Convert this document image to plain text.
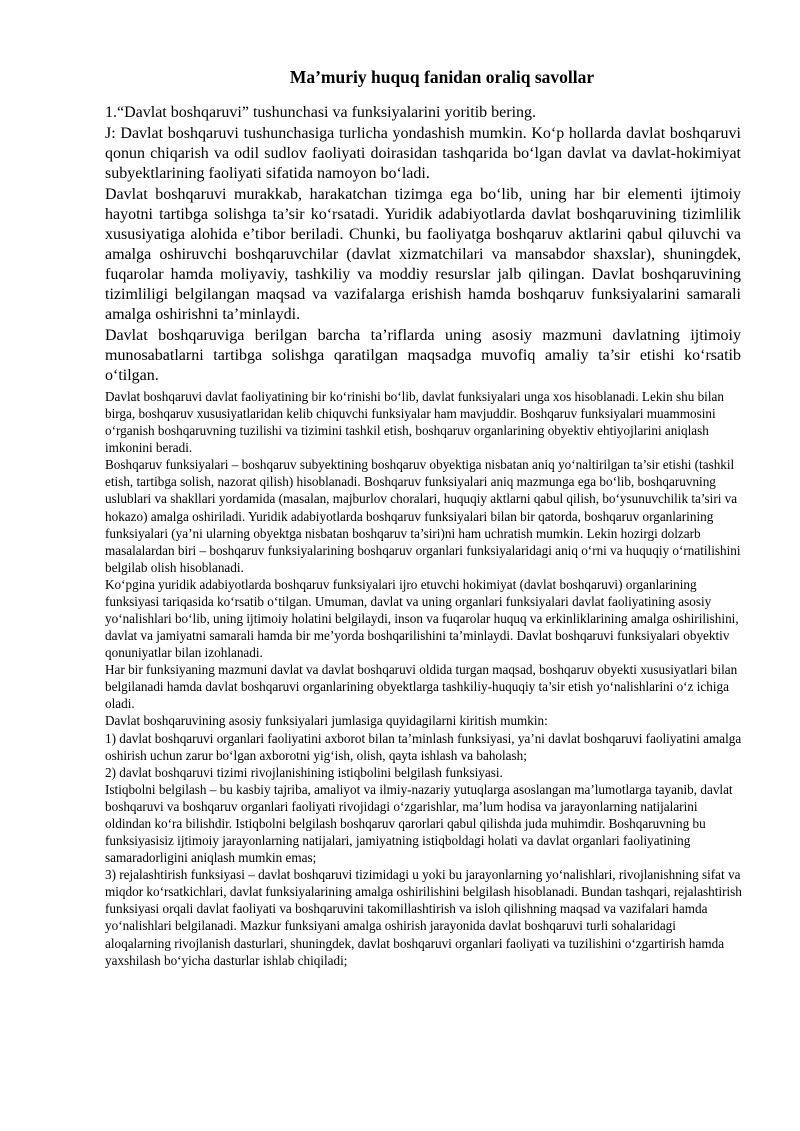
Ma’muriy huquq fanidan oraliq savollar

1.“Davlat boshqaruvi” tushunchasi va funksiyalarini yoritib bering.

J: Davlat boshqaruvi tushunchasiga turlicha yondashish mumkin. Ko‘p hollarda davlat boshqaruvi qonun chiqarish va odil sudlov faoliyati doirasidan tashqarida bo‘lgan davlat va davlat-hokimiyat subyektlarining faoliyati sifatida namoyon bo‘ladi.

Davlat boshqaruvi murakkab, harakatchan tizimga ega bo‘lib, uning har bir elementi ijtimoiy hayotni tartibga solishga ta’sir ko‘rsatadi. Yuridik adabiyotlarda davlat boshqaruvining tizimlilik xususiyatiga alohida e’tibor beriladi. Chunki, bu faoliyatga boshqaruv aktlarini qabul qiluvchi va amalga oshiruvchi boshqaruvchilar (davlat xizmatchilari va mansabdor shaxslar), shuningdek, fuqarolar hamda moliyaviy, tashkiliy va moddiy resurslar jalb qilingan. Davlat boshqaruvining tizimliligi belgilangan maqsad va vazifalarga erishish hamda boshqaruv funksiyalarini samarali amalga oshirishni ta’minlaydi.

Davlat boshqaruviga berilgan barcha ta’riflarda uning asosiy mazmuni davlatning ijtimoiy munosabatlarni tartibga solishga qaratilgan maqsadga muvofiq amaliy ta’sir etishi ko‘rsatib o‘tilgan.

Davlat boshqaruvi davlat faoliyatining bir ko‘rinishi bo‘lib, davlat funksiyalari unga xos hisoblanadi. Lekin shu bilan birga, boshqaruv xususiyatlaridan kelib chiquvchi funksiyalar ham mavjuddir. Boshqaruv funksiyalari muammosini o‘rganish boshqaruvning tuzilishi va tizimini tashkil etish, boshqaruv organlarining obyektiv ehtiyojlarini aniqlash imkonini beradi.

Boshqaruv funksiyalari – boshqaruv subyektining boshqaruv obyektiga nisbatan aniq yo‘naltirilgan ta’sir etishi (tashkil etish, tartibga solish, nazorat qilish) hisoblanadi. Boshqaruv funksiyalari aniq mazmunga ega bo‘lib, boshqaruvning uslublari va shakllari yordamida (masalan, majburlov choralari, huquqiy aktlarni qabul qilish, bo‘ysunuvchilik ta’siri va hokazo) amalga oshiriladi. Yuridik adabiyotlarda boshqaruv funksiyalari bilan bir qatorda, boshqaruv organlarining funksiyalari (ya’ni ularning obyektga nisbatan boshqaruv ta’siri)ni ham uchratish mumkin. Lekin hozirgi dolzarb masalalardan biri – boshqaruv funksiyalarining boshqaruv organlari funksiyalaridagi aniq o‘rni va huquqiy o‘rnatilishini belgilab olish hisoblanadi.

Ko‘pgina yuridik adabiyotlarda boshqaruv funksiyalari ijro etuvchi hokimiyat (davlat boshqaruvi) organlarining funksiyasi tariqasida ko‘rsatib o‘tilgan. Umuman, davlat va uning organlari funksiyalari davlat faoliyatining asosiy yo‘nalishlari bo‘lib, uning ijtimoiy holatini belgilaydi, inson va fuqarolar huquq va erkinliklarining amalga oshirilishini, davlat va jamiyatni samarali hamda bir me’yorda boshqarilishini ta’minlaydi. Davlat boshqaruvi funksiyalari obyektiv qonuniyatlar bilan izohlanadi.

Har bir funksiyaning mazmuni davlat va davlat boshqaruvi oldida turgan maqsad, boshqaruv obyekti xususiyatlari bilan belgilanadi hamda davlat boshqaruvi organlarining obyektlarga tashkiliy-huquqiy ta’sir etish yo‘nalishlarini o‘z ichiga oladi.

Davlat boshqaruvining asosiy funksiyalari jumlasiga quyidagilarni kiritish mumkin:

1) davlat boshqaruvi organlari faoliyatini axborot bilan ta’minlash funksiyasi, ya’ni davlat boshqaruvi faoliyatini amalga oshirish uchun zarur bo‘lgan axborotni yig‘ish, olish, qayta ishlash va baholash;

2) davlat boshqaruvi tizimi rivojlanishining istiqbolini belgilash funksiyasi.

Istiqbolni belgilash – bu kasbiy tajriba, amaliyot va ilmiy-nazariy yutuqlarga asoslangan ma’lumotlarga tayanib, davlat boshqaruvi va boshqaruv organlari faoliyati rivojidagi o‘zgarishlar, ma’lum hodisa va jarayonlarning natijalarini oldindan ko‘ra bilishdir. Istiqbolni belgilash boshqaruv qarorlari qabul qilishda juda muhimdir. Boshqaruvning bu funksiyasisiz ijtimoiy jarayonlarning natijalari, jamiyatning istiqboldagi holati va davlat organlari faoliyatining samaradorligini aniqlash mumkin emas;

3) rejalashtirish funksiyasi – davlat boshqaruvi tizimidagi u yoki bu jarayonlarning yo‘nalishlari, rivojlanishning sifat va miqdor ko‘rsatkichlari, davlat funksiyalarining amalga oshirilishini belgilash hisoblanadi. Bundan tashqari, rejalashtirish funksiyasi orqali davlat faoliyati va boshqaruvini takomillashtirish va isloh qilishning maqsad va vazifalari hamda yo‘nalishlari belgilanadi. Mazkur funksiyani amalga oshirish jarayonida davlat boshqaruvi turli sohalaridagi aloqalarning rivojlanish dasturlari, shuningdek, davlat boshqaruvi organlari faoliyati va tuzilishini o‘zgartirish hamda yaxshilash bo‘yicha dasturlar ishlab chiqiladi;
